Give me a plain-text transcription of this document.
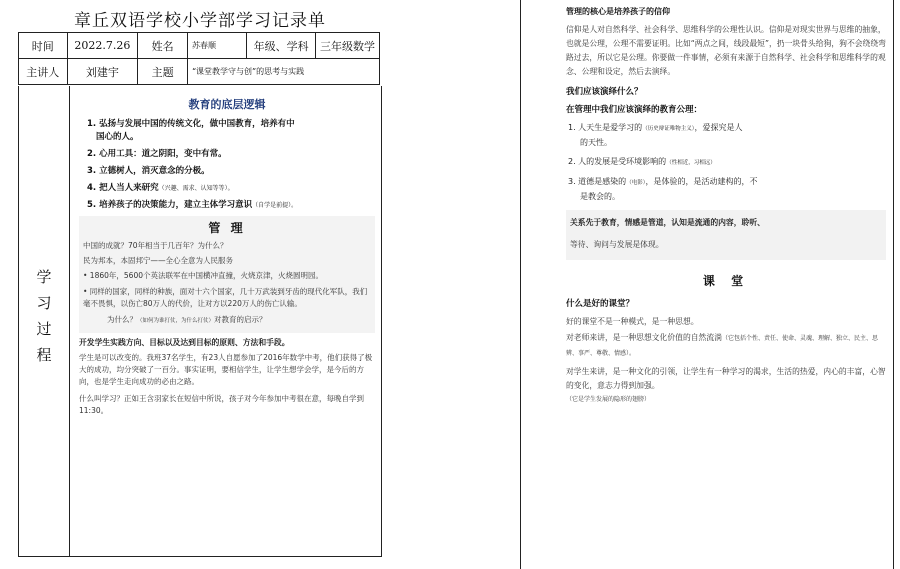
章丘双语学校小学部学习记录单
时间	2022.7.26	姓名	苏春顺	年级、学科	三年级数学
主讲人	刘建宇	主题	“课堂教学守与创”的思考与实践		
学
习
过
程
教育的底层逻辑
1. 弘扬与发展中国的传统文化，做中国教育，培养有中
国心的人。
2. 心用工具：道之阴阳，变中有常。
3. 立德树人，消灭意念的分极。
4. 把人当人来研究（兴趣、需求、认知等等）。
5. 培养孩子的决策能力，建立主体学习意识（自学是前提）。
管 理
中国的成就？70年相当于几百年？为什么？
民为邦本，本固邦宁——全心全意为人民服务
• 1860年，5600个英法联军在中国横冲直撞，火烧京津，火烧圆明园。
• 同样的国家，同样的种族，面对十六个国家，几十万武装到牙齿的现代化军队，我们毫不畏惧，以伤亡80万人的代价，让对方以220万人的伤亡认输。
为什么？（如何为谁打仗，为什么打仗）对教育的启示？
开发学生实践方向、目标以及达到目标的原则、方法和手段。
学生是可以改变的。我班37名学生，有23人自愿参加了2016年数学中考，他们获得了极大的成功，均分突破了一百分。事实证明，要相信学生，让学生想学会学，是今后的方向，也是学生走向成功的必由之路。
什么叫学习？正如王含羽家长在短信中所说，孩子对今年参加中考很在意，每晚自学到11:30。
管理的核心是培养孩子的信仰
信仰是人对自然科学、社会科学、思维科学的公理性认识。信仰是对现实世界与思维的抽象，也就是公理，公理不需要证明。比如“两点之间，线段最短”，扔一块骨头给狗，狗不会绕绕弯路过去，所以它是公理。你要做一件事情，必须有来源于自然科学、社会科学和思维科学的观念、公理和设定，然后去演绎。
我们应该演绎什么？
在管理中我们应该演绎的教育公理：
1. 人天生是爱学习的（历史辩证唯物主义），爱探究是人
的天性。
2. 人的发展是受环境影响的（性相近，习相远）
3. 道德是感染的（电影），是体验的，是活动建构的，不
是教会的。
关系先于教育，情感是管道，认知是流通的内容，聆听、
等待、询问与发展是体现。
课 堂
什么是好的课堂？
好的课堂不是一种模式，是一种思想。
对老师来讲，是一种思想文化价值的自然流淌（它包括个性、责任、使命、灵魂、理解、独立、民主、思辨、事严、尊敬、情感）。
对学生来讲，是一种文化的引领，让学生有一种学习的渴求，生活的热爱，内心的丰富，心智的变化，意志力得到加强。
（它是学生发展的隐形的翅膀）
